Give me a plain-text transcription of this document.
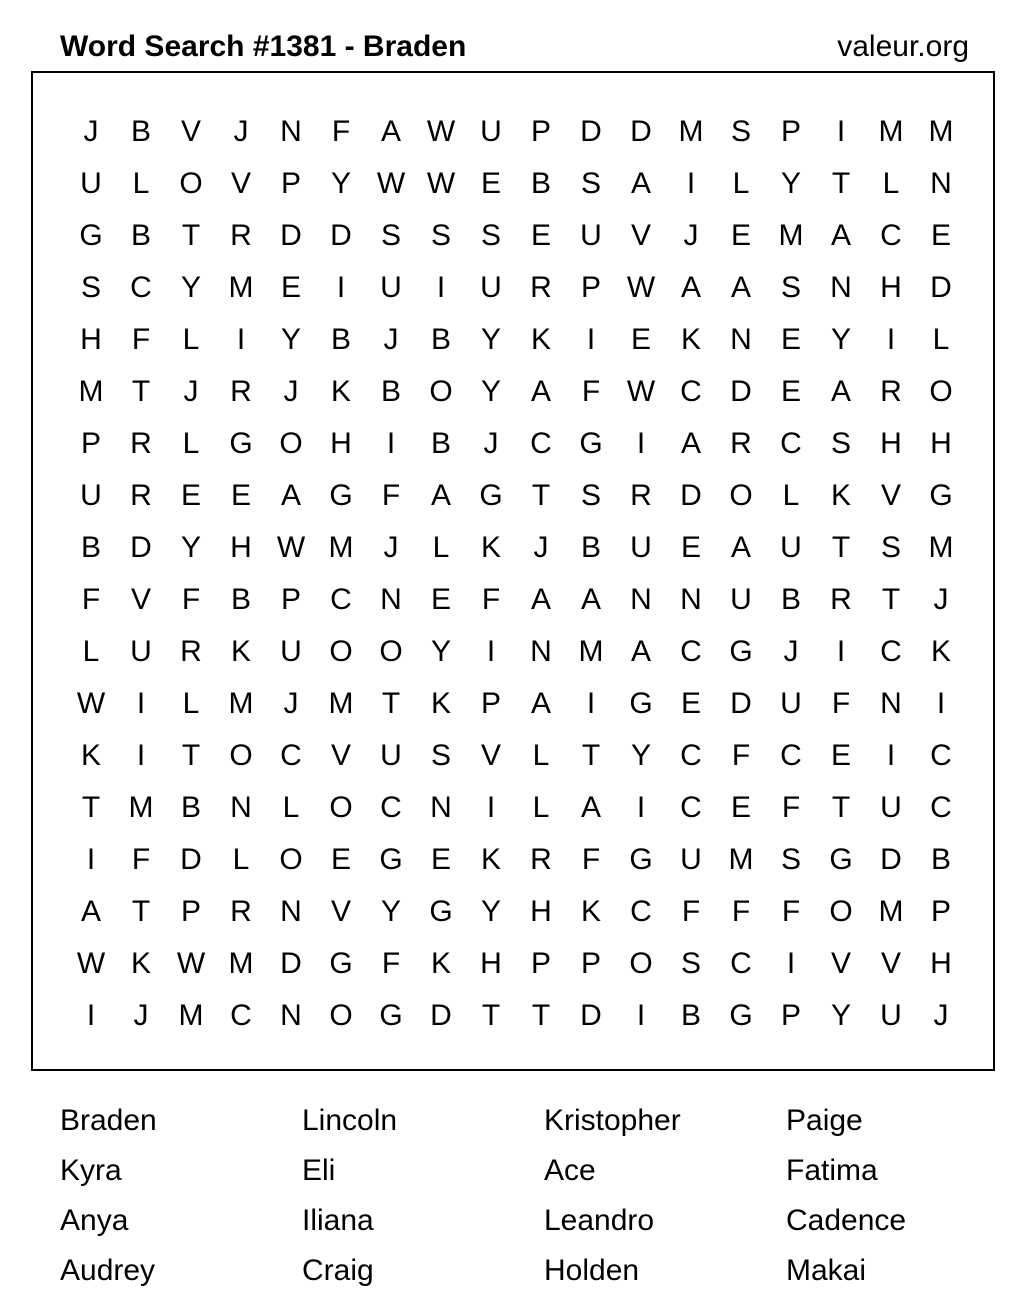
Word Search #1381 - Braden	valeur.org
J	B V	J	N	F	A W U P D D M S P	I	M M
U	L O V P Y W W E B S A	I	L	Y	T	L	N
G B	T	R D D S S S E U V	J	E M A C E
S C Y M E	I	U	I	U R P W A A S N H D
H	F	L	I	Y B	J	B Y K	I	E K N E Y	I	L
M T	J	R	J	K B O Y A	F W C D E A R O
P R	L G O H	I	B	J	C G	I	A R C S H H
U R E E A G F	A G T	S R D O L	K V G
B D Y H W M	J	L	K	J	B U E A U	T	S M
F	V	F	B P C N E	F	A A N N U B R	T	J
L	U R K U O O Y	I	N M A C G	J	I	C K
W	I	L M	J	M T	K P A	I	G E D U	F	N	I
K	I	T O C V U S V	L	T	Y C	F	C E	I	C
T M B N	L O C N	I	L	A	I	C E	F	T	U C
I	F	D	L O E G E K R	F G U M S G D B
A	T	P R N V Y G Y H K C	F	F	F O M P
W K W M D G F	K H P P O S C	I	V V H
I	J	M C N O G D	T	T	D	I	B G P Y U	J
Braden	Lincoln	Kristopher	Paige
Kyra	Eli	Ace	Fatima
Anya	Iliana	Leandro	Cadence
Audrey	Craig	Holden	Makai
